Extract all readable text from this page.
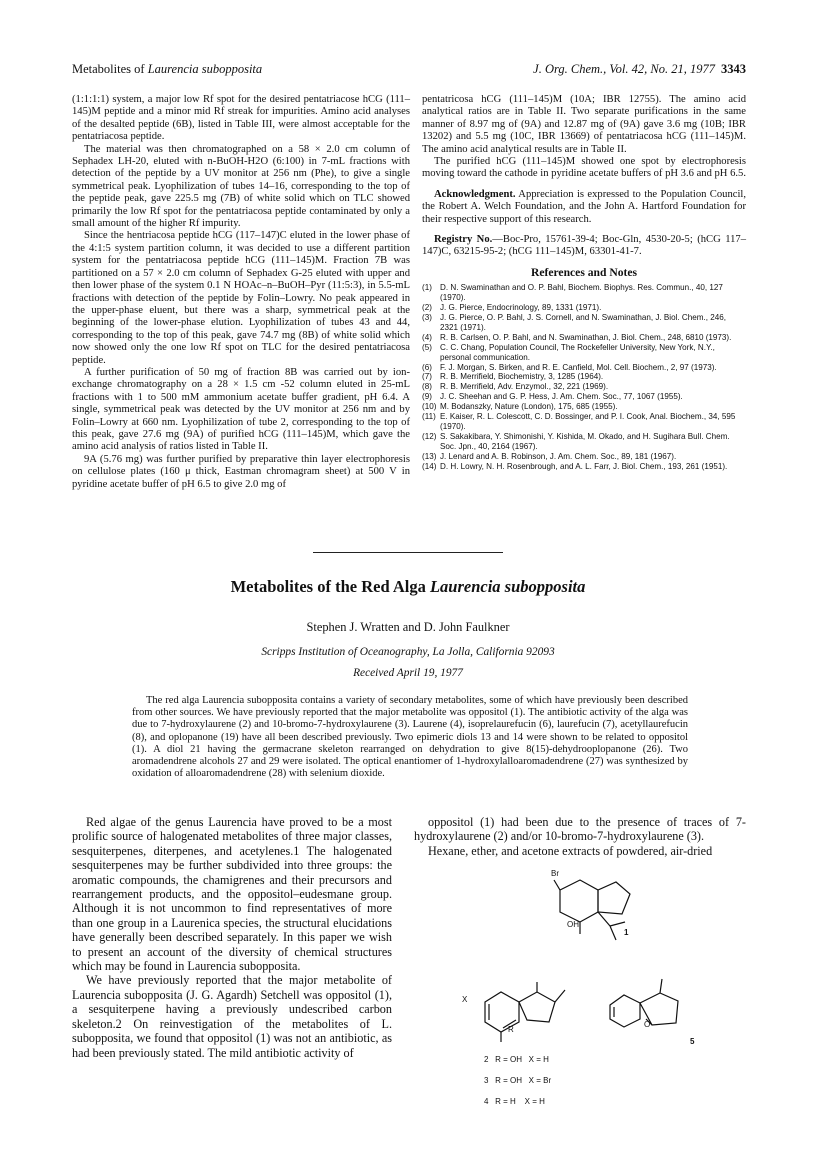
Metabolites of Laurencia subopposita	J. Org. Chem., Vol. 42, No. 21, 1977 3343

(1:1:1:1) system, a major low Rf spot for the desired pentatriacose hCG (111–145)M peptide and a minor mid Rf streak for impurities. Amino acid analyses of the desalted peptide (6B), listed in Table III, were almost acceptable for the pentatriacosa peptide.

The material was then chromatographed on a 58 × 2.0 cm column of Sephadex LH-20, eluted with n-BuOH-H2O (6:100) in 7-mL fractions with detection of the peptide by a UV monitor at 256 nm (Phe), to give a single symmetrical peak. Lyophilization of tubes 14–16, corresponding to the top of the peptide peak, gave 225.5 mg (7B) of white solid which on TLC showed primarily the low Rf spot for the pentatriacosa peptide contaminated by only a small amount of the higher Rf impurity.

Since the hentriacosa peptide hCG (117–147)C eluted in the lower phase of the 4:1:5 system partition column, it was decided to use a different partition system for the pentatriacosa peptide hCG (111–145)M. Fraction 7B was partitioned on a 57 × 2.0 cm column of Sephadex G-25 eluted with upper and then lower phase of the system 0.1 N HOAc–n–BuOH–Pyr (11:5:3), in 5.5-mL fractions with detection of the peptide by Folin–Lowry. No peak appeared in the upper-phase eluent, but there was a sharp, symmetrical peak at the beginning of the lower-phase elution. Lyophilization of tubes 43 and 44, corresponding to the top of this peak, gave 74.7 mg (8B) of white solid which now showed only the one low Rf spot on TLC for the desired pentatriacosa peptide.

A further purification of 50 mg of fraction 8B was carried out by ion-exchange chromatography on a 28 × 1.5 cm -52 column eluted in 25-mL fractions with 1 to 500 mM ammonium acetate buffer gradient, pH 6.4. A single, symmetrical peak was detected by the UV monitor at 256 nm and by Folin–Lowry at 660 nm. Lyophilization of tube 2, corresponding to the top of this peak, gave 27.6 mg (9A) of purified hCG (111–145)M, which gave the amino acid analysis of ratios listed in Table II.

9A (5.76 mg) was further purified by preparative thin layer electrophoresis on cellulose plates (160 μ thick, Eastman chromagram sheet) at 500 V in pyridine acetate buffer of pH 6.5 to give 2.0 mg of

pentatricosa hCG (111–145)M (10A; IBR 12755). The amino acid analytical ratios are in Table II. Two separate purifications in the same manner of 8.97 mg of (9A) and 12.87 mg of (9A) gave 3.6 mg (10B; IBR 13202) and 5.5 mg (10C, IBR 13669) of pentatriacosa hCG (111–145)M. The amino acid analytical results are in Table II.

The purified hCG (111–145)M showed one spot by electrophoresis moving toward the cathode in pyridine acetate buffers of pH 3.6 and pH 6.5.

Acknowledgment. Appreciation is expressed to the Population Council, the Robert A. Welch Foundation, and the John A. Hartford Foundation for their respective support of this research.

Registry No.—Boc-Pro, 15761-39-4; Boc-Gln, 4530-20-5; (hCG 117–147)C, 63215-95-2; (hCG 111–145)M, 63301-41-7.

References and Notes
(1) D. N. Swaminathan and O. P. Bahl, Biochem. Biophys. Res. Commun., 40, 127 (1970).
(2) J. G. Pierce, Endocrinology, 89, 1331 (1971).
(3) J. G. Pierce, O. P. Bahl, J. S. Cornell, and N. Swaminathan, J. Biol. Chem., 246, 2321 (1971).
(4) R. B. Carlsen, O. P. Bahl, and N. Swaminathan, J. Biol. Chem., 248, 6810 (1973).
(5) C. C. Chang, Population Council, The Rockefeller University, New York, N.Y., personal communication.
(6) F. J. Morgan, S. Birken, and R. E. Canfield, Mol. Cell. Biochem., 2, 97 (1973).
(7) R. B. Merrifield, Biochemistry, 3, 1285 (1964).
(8) R. B. Merrifield, Adv. Enzymol., 32, 221 (1969).
(9) J. C. Sheehan and G. P. Hess, J. Am. Chem. Soc., 77, 1067 (1955).
(10) M. Bodanszky, Nature (London), 175, 685 (1955).
(11) E. Kaiser, R. L. Colescott, C. D. Bossinger, and P. I. Cook, Anal. Biochem., 34, 595 (1970).
(12) S. Sakakibara, Y. Shimonishi, Y. Kishida, M. Okado, and H. Sugihara Bull. Chem. Soc. Jpn., 40, 2164 (1967).
(13) J. Lenard and A. B. Robinson, J. Am. Chem. Soc., 89, 181 (1967).
(14) D. H. Lowry, N. H. Rosenbrough, and A. L. Farr, J. Biol. Chem., 193, 261 (1951).
Metabolites of the Red Alga Laurencia subopposita
Stephen J. Wratten and D. John Faulkner
Scripps Institution of Oceanography, La Jolla, California 92093
Received April 19, 1977
The red alga Laurencia subopposita contains a variety of secondary metabolites, some of which have previously been described from other sources. We have previously reported that the major metabolite was oppositol (1). The antibiotic activity of the alga was due to 7-hydroxylaurene (2) and 10-bromo-7-hydroxylaurene (3). Laurene (4), isoprelaurefucin (6), laurefucin (7), acetyllaurefucin (8), and oplopanone (19) have all been described previously. Two epimeric diols 13 and 14 were shown to be related to oppositol (1). A diol 21 having the germacrane skeleton rearranged on dehydration to give 8(15)-dehydrooplopanone (26). Two aromadendrene alcohols 27 and 29 were isolated. The optical enantiomer of 1-hydroxylalloaromadendrene (27) was synthesized by oxidation of alloaromadendrene (28) with selenium dioxide.

Red algae of the genus Laurencia have proved to be a most prolific source of halogenated metabolites of three major classes, sesquiterpenes, diterpenes, and acetylenes.1 The halogenated sesquiterpenes may be further subdivided into three groups: the aromatic compounds, the chamigrenes and their precursors and rearrangement products, and the oppositol–eudesmane group. Although it is not uncommon to find representatives of more than one group in a Laurenica species, the structural elucidations have generally been described separately. In this paper we wish to present an account of the diversity of chemical structures which may be found in Laurencia subopposita.

We have previously reported that the major metabolite of Laurencia subopposita (J. G. Agardh) Setchell was oppositol (1), a sesquiterpene having a previously undescribed carbon skeleton.2 On reinvestigation of the metabolites of L. subopposita, we found that oppositol (1) was not an antibiotic, as had been previously stated. The mild antibiotic activity of

oppositol (1) had been due to the presence of traces of 7-hydroxylaurene (2) and/or 10-bromo-7-hydroxylaurene (3).

Hexane, ether, and acetone extracts of powdered, air-dried

Br
OH
1
X
R
O
5
2   R = OH   X = H
3   R = OH   X = Br
4   R = H    X = H
